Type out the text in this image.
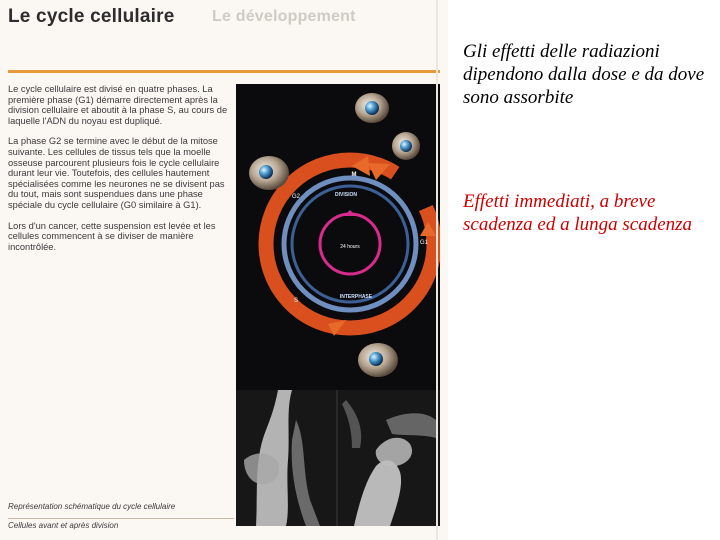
Le cycle cellulaire Le développement

Le cycle cellulaire est divisé en quatre phases. La première phase (G1) démarre directement après la division cellulaire et aboutit à la phase S, au cours de laquelle l'ADN du noyau est dupliqué.

La phase G2 se termine avec le début de la mitose suivante. Les cellules de tissus tels que la moelle osseuse parcourent plusieurs fois le cycle cellulaire durant leur vie. Toutefois, des cellules hautement spécialisées comme les neurones ne se divisent pas du tout, mais sont suspendues dans une phase spéciale du cycle cellulaire (G0 similaire à G1).

Lors d'un cancer, cette suspension est levée et les cellules commencent à se diviser de manière incontrôlée.	24 hours
DIVISION
INTERPHASE
M
G2
G1
S
Représentation schématique du cycle cellulaire
Cellules avant et après division
Gli effetti delle radiazioni dipendono dalla dose e da dove sono assorbite
Effetti immediati, a breve scadenza ed a lunga scadenza
